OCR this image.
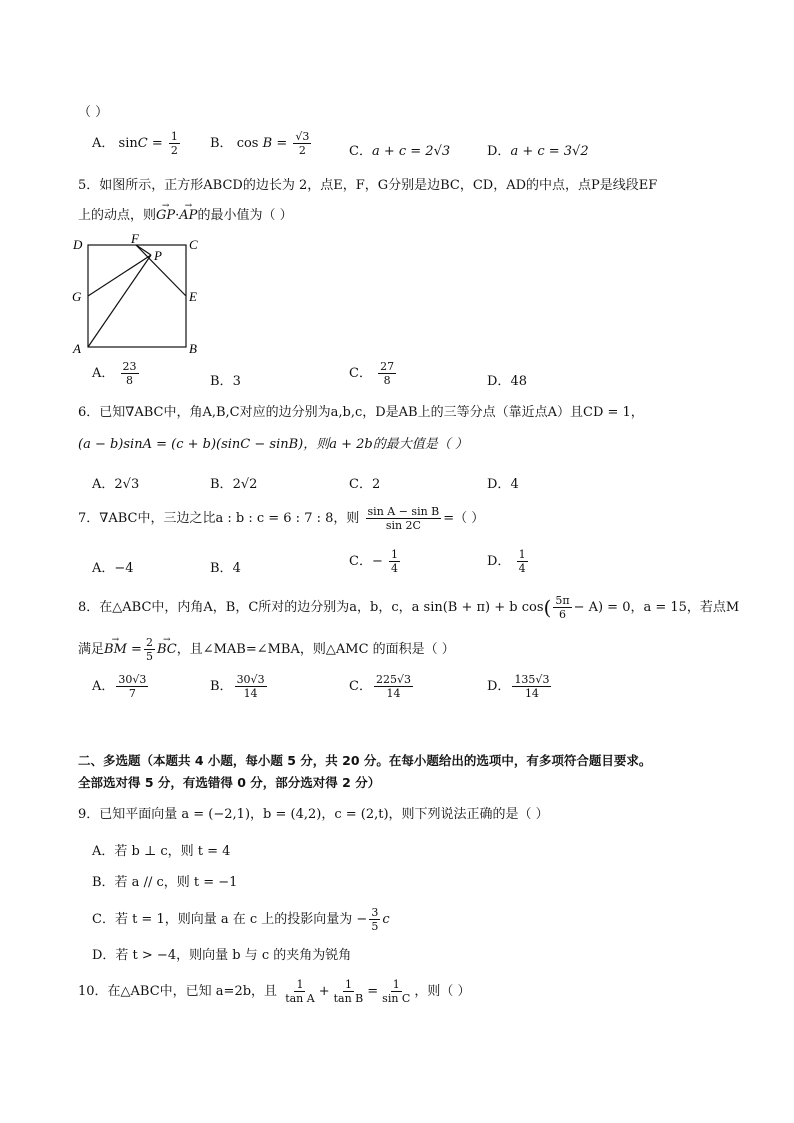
（ ）
A． $\sin C = \frac{1}{2}$ B． $\cos B = \frac{√3}{2}$	C．a + c = 2√3	D．a + c = 3√2
5．如图所示，正方形ABCD的边长为 2，点E，F，G分别是边BC，CD，AD的中点，点P是线段EF
上的动点，则→ GP·→ AP的最小值为（ ）
D	F	C
P
G	E
A	B
A． $\frac{23}{8}$	B．3
C． $\frac{27}{8}$	D．48
6．已知∇ABC中，角A,B,C对应的边分别为a,b,c，D是AB上的三等分点（靠近点A）且CD = 1，
(a − b)sinA = (c + b)(sinC − sinB)，则a + 2b的最大值是（ ）
A．2√3	B．2√2	C．2	D．4
7．∇ABC中，三边之比a : b : c = 6 : 7 : 8，则 $\frac{\text{sin A − sin B}}{\sin 2C}$ =（ ）
A．−4	B．4	C．− $\frac{1}{4}$	D． $\frac{1}{4}$
8．在△ABC中，内角A，B，C所对的边分别为a，b，c，a sin(B + π) + b $\cos( \frac{5\pi}{6} - A) = 0$，a = 15，若点M
满足→ BM = $\frac{2}{5}$
→ BC，且∠MAB=∠MBA，则△AMC 的面积是（ ）
A． $\frac{30√3}{7}$	B． $\frac{30√3}{14}$	C． $\frac{225√3}{14}$	D． $\frac{135√3}{14}$
二、多选题（本题共 4 小题，每小题 5 分，共 20 分。在每小题给出的选项中，有多项符合题目要求。
全部选对得 5 分，有选错得 0 分，部分选对得 2 分）
9．已知平面向量 a = (−2,1)，b = (4,2)，c = (2,t)，则下列说法正确的是（ ）
A．若 b ⊥ c，则 t = 4
B．若 a // c，则 t = −1
C．若 t = 1，则向量 a 在 c 上的投影向量为 − $\frac{3}{5}$ c
D．若 t > −4，则向量 b 与 c 的夹角为锐角
10．在△ABC中，已知 a=2b，且 $\frac{1}{\text{tan A}} + \frac{1}{\text{tan B}} = \frac{1}{\text{sin C}}$ ，则（ ）
